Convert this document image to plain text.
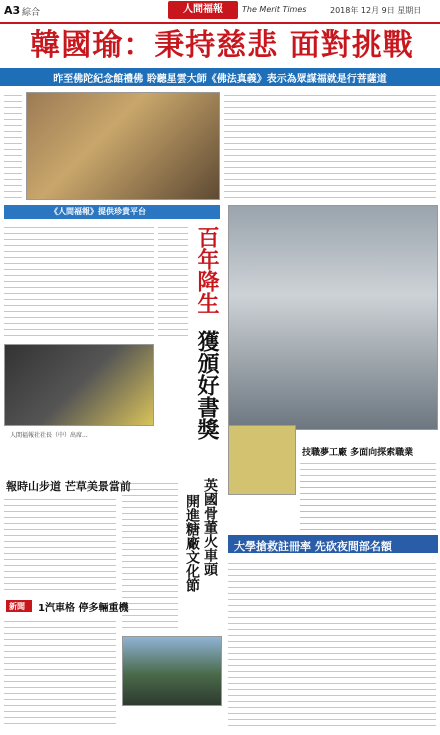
A3 綜合	人間福報	The Merit Times	2018年 12月 9日 星期日
韓國瑜：秉持慈悲 面對挑戰
昨至佛陀紀念館禮佛 聆聽星雲大師《佛法真義》表示為眾謀福就是行菩薩道
《人間福報》提供珍貴平台
百年降生
獲頒好書獎
人間福報社社長（中）出席...
技職夢工廠 多面向探索職業
英國骨董火車頭
開進糖廠文化節
報時山步道 芒草美景當前
新聞 1汽車格 停多輛重機
大學搶救註冊率 先砍夜間部名額
